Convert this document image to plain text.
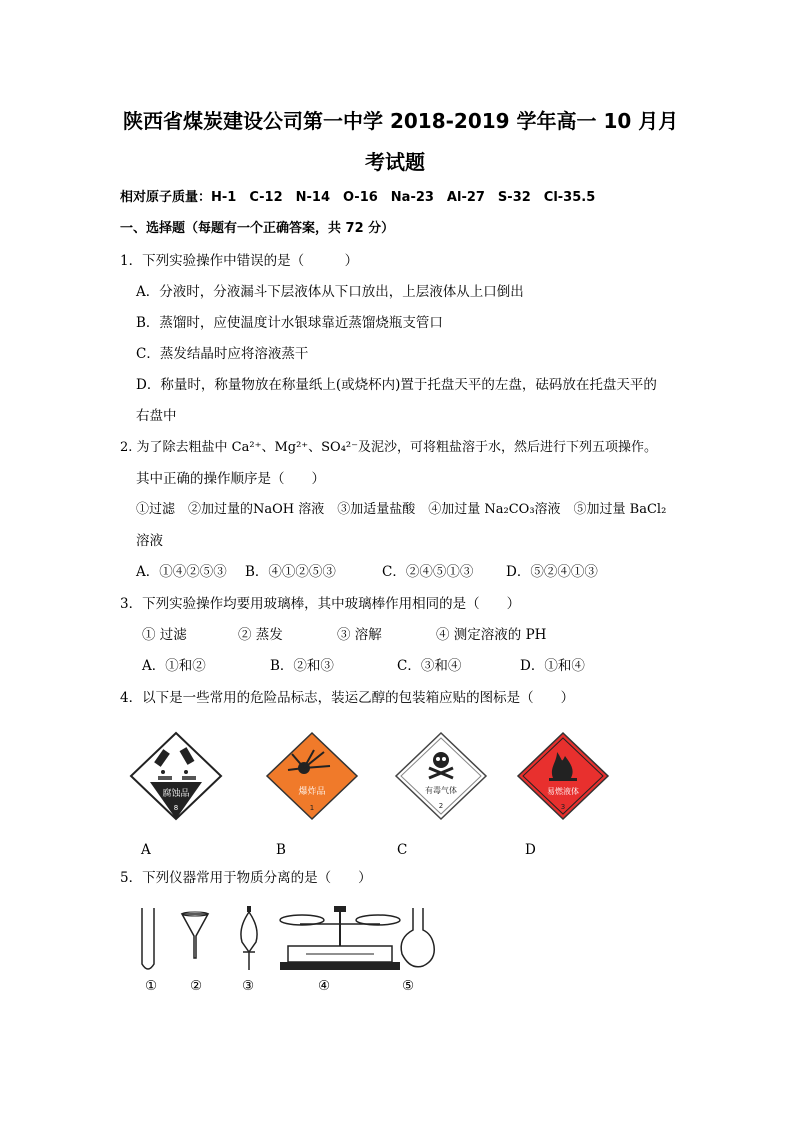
陕西省煤炭建设公司第一中学 2018-2019 学年高一 10 月月
考试题
相对原子质量：H-1　C-12　N-14　O-16　Na-23　Al-27　S-32　Cl-35.5
一、选择题（每题有一个正确答案，共 72 分）
1．下列实验操作中错误的是（　　　）
A．分液时，分液漏斗下层液体从下口放出，上层液体从上口倒出
B．蒸馏时，应使温度计水银球靠近蒸馏烧瓶支管口
C．蒸发结晶时应将溶液蒸干
D．称量时，称量物放在称量纸上(或烧杯内)置于托盘天平的左盘，砝码放在托盘天平的
右盘中
2. 为了除去粗盐中 Ca²⁺、Mg²⁺、SO₄²⁻及泥沙，可将粗盐溶于水，然后进行下列五项操作。
其中正确的操作顺序是（　　）
①过滤　②加过量的NaOH 溶液　③加适量盐酸　④加过量 Na₂CO₃溶液　⑤加过量 BaCl₂
溶液
A．①④②⑤③ B．④①②⑤③	C．②④⑤①③ D．⑤②④①③
3．下列实验操作均要用玻璃棒，其中玻璃棒作用相同的是（　　）
① 过滤	② 蒸发	③ 溶解	④ 测定溶液的 PH
A．①和②	B．②和③	C．③和④	D．①和④
4．以下是一些常用的危险品标志，装运乙醇的包装箱应贴的图标是（　　）
腐蚀品
8
爆炸品
1
有毒气体
2
易燃液体
3
A	B	C	D
5．下列仪器常用于物质分离的是（　　）
① ②	③	④	⑤
